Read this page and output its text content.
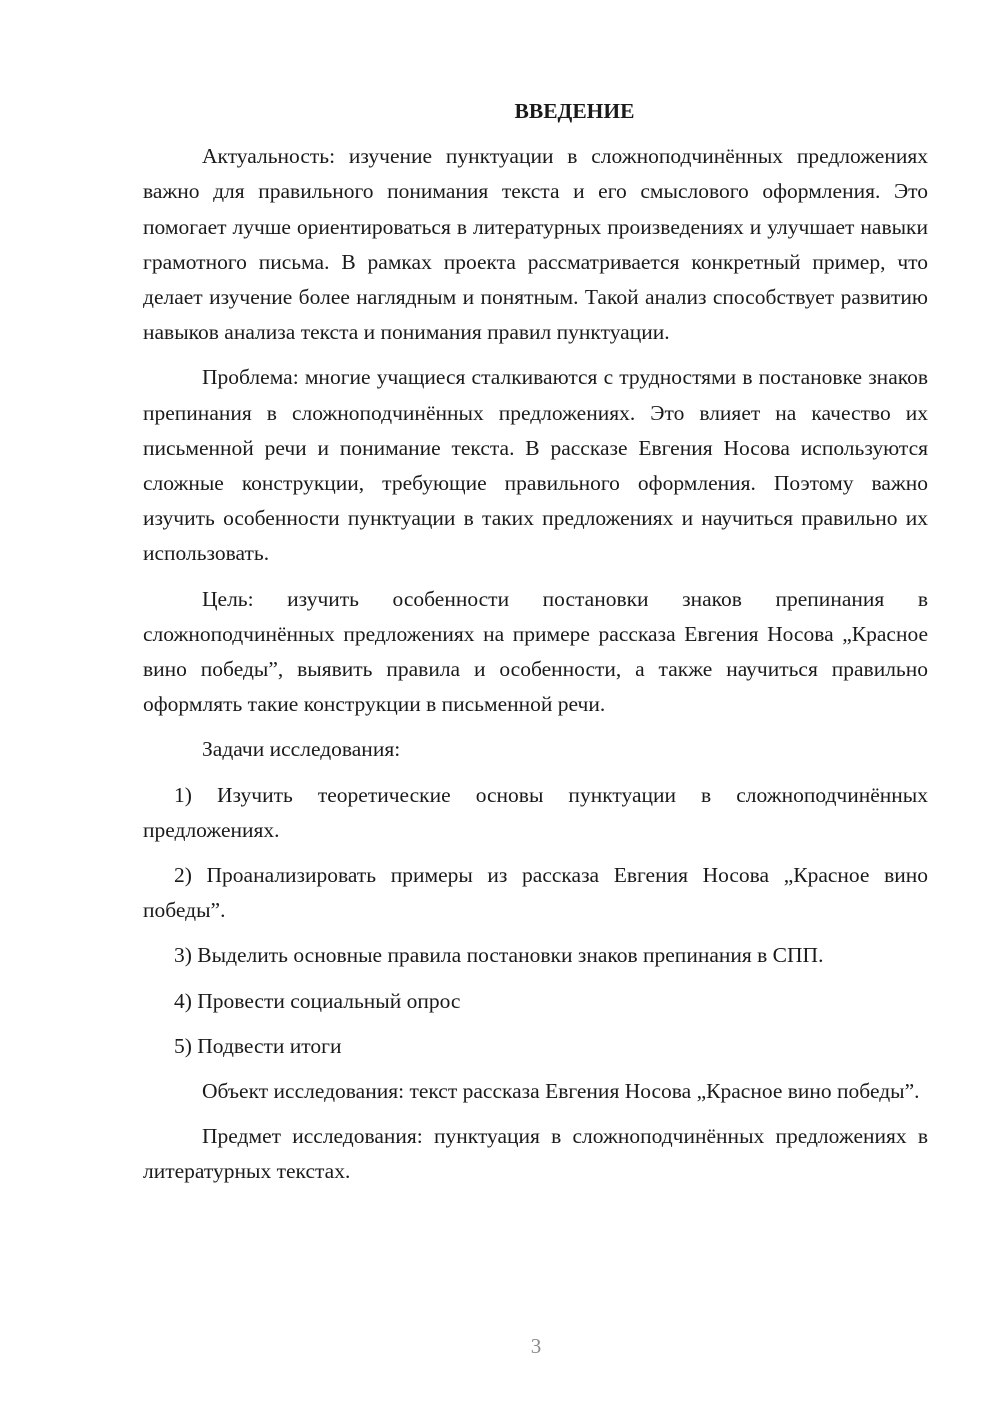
ВВЕДЕНИЕ

Актуальность: изучение пунктуации в сложноподчинённых предложениях важно для правильного понимания текста и его смыслового оформления. Это помогает лучше ориентироваться в литературных произведениях и улучшает навыки грамотного письма. В рамках проекта рассматривается конкретный пример, что делает изучение более наглядным и понятным. Такой анализ способствует развитию навыков анализа текста и понимания правил пунктуации.

Проблема: многие учащиеся сталкиваются с трудностями в постановке знаков препинания в сложноподчинённых предложениях. Это влияет на качество их письменной речи и понимание текста. В рассказе Евгения Носова используются сложные конструкции, требующие правильного оформления. Поэтому важно изучить особенности пунктуации в таких предложениях и научиться правильно их использовать.

Цель: изучить особенности постановки знаков препинания в сложноподчинённых предложениях на примере рассказа Евгения Носова „Красное вино победы”, выявить правила и особенности, а также научиться правильно оформлять такие конструкции в письменной речи.

Задачи исследования:

1) Изучить теоретические основы пунктуации в сложноподчинённых предложениях.

2) Проанализировать примеры из рассказа Евгения Носова „Красное вино победы”.

3) Выделить основные правила постановки знаков препинания в СПП.

4) Провести социальный опрос

5) Подвести итоги

Объект исследования: текст рассказа Евгения Носова „Красное вино победы”.

Предмет исследования: пунктуация в сложноподчинённых предложениях в литературных текстах.

3
